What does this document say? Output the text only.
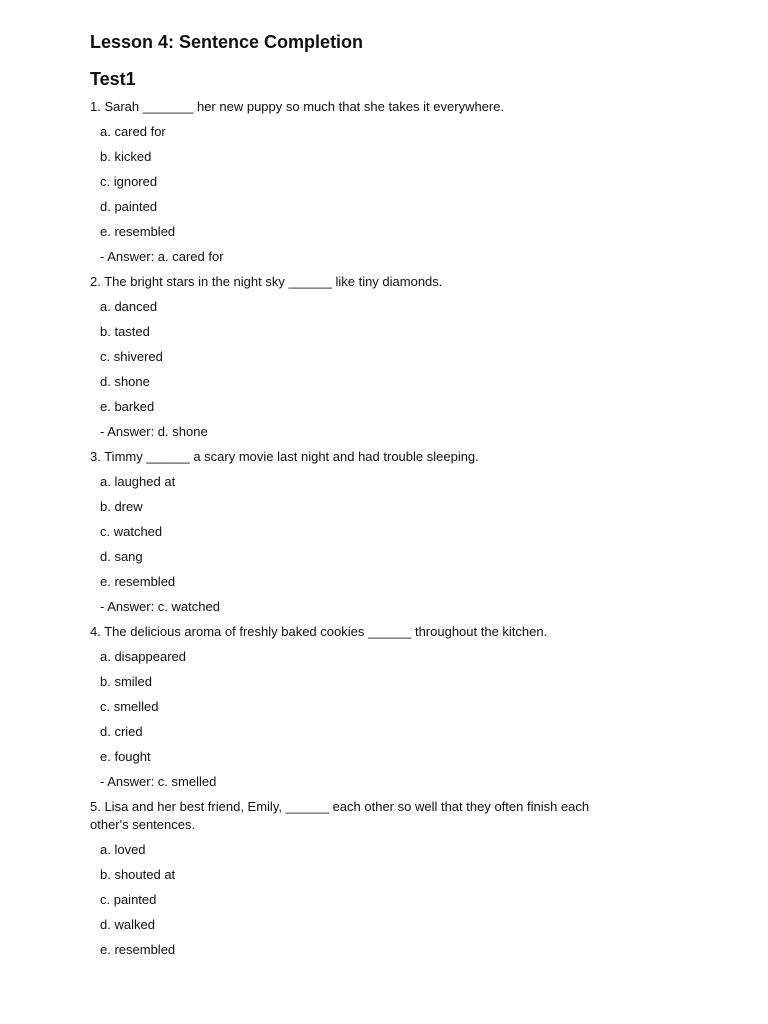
Lesson 4: Sentence Completion
Test1
1. Sarah _______ her new puppy so much that she takes it everywhere.
a. cared for
b. kicked
c. ignored
d. painted
e. resembled
- Answer: a. cared for
2. The bright stars in the night sky ______ like tiny diamonds.
a. danced
b. tasted
c. shivered
d. shone
e. barked
- Answer: d. shone
3. Timmy ______ a scary movie last night and had trouble sleeping.
a. laughed at
b. drew
c. watched
d. sang
e. resembled
- Answer: c. watched
4. The delicious aroma of freshly baked cookies ______ throughout the kitchen.
a. disappeared
b. smiled
c. smelled
d. cried
e. fought
- Answer: c. smelled
5. Lisa and her best friend, Emily, ______ each other so well that they often finish each other's sentences.
a. loved
b. shouted at
c. painted
d. walked
e. resembled
